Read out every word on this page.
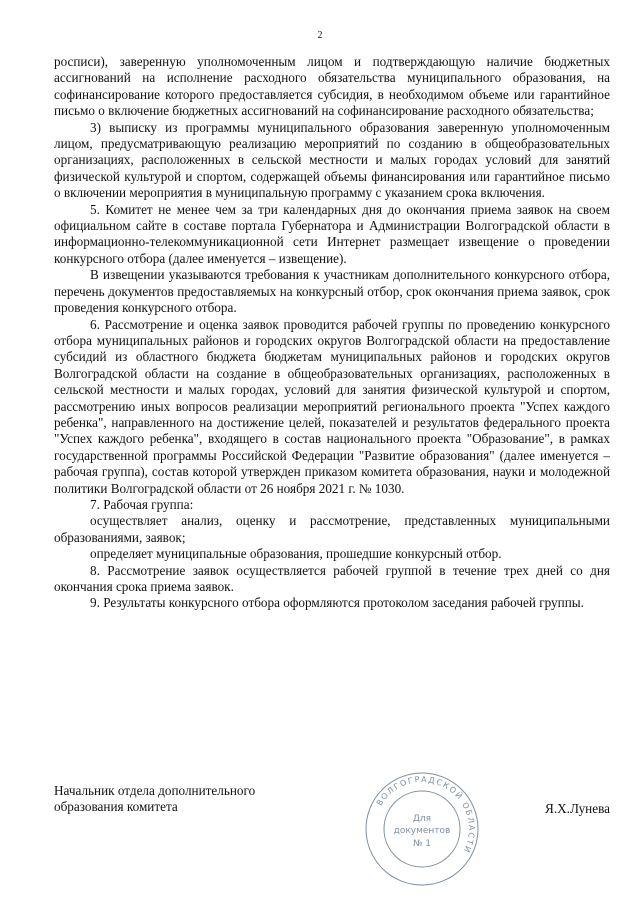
2

росписи), заверенную уполномоченным лицом и подтверждающую наличие бюджетных ассигнований на исполнение расходного обязательства муниципального образования, на софинансирование которого предоставляется субсидия, в необходимом объеме или гарантийное письмо о включение бюджетных ассигнований на софинансирование расходного обязательства;

3) выписку из программы муниципального образования заверенную уполномоченным лицом, предусматривающую реализацию мероприятий по созданию в общеобразовательных организациях, расположенных в сельской местности и малых городах условий для занятий физической культурой и спортом, содержащей объемы финансирования или гарантийное письмо о включении мероприятия в муниципальную программу с указанием срока включения.

5. Комитет не менее чем за три календарных дня до окончания приема заявок на своем официальном сайте в составе портала Губернатора и Администрации Волгоградской области в информационно-телекоммуникационной сети Интернет размещает извещение о проведении конкурсного отбора (далее именуется – извещение).

В извещении указываются требования к участникам дополнительного конкурсного отбора, перечень документов предоставляемых на конкурсный отбор, срок окончания приема заявок, срок проведения конкурсного отбора.

6. Рассмотрение и оценка заявок проводится рабочей группы по проведению конкурсного отбора муниципальных районов и городских округов Волгоградской области на предоставление субсидий из областного бюджета бюджетам муниципальных районов и городских округов Волгоградской области на создание в общеобразовательных организациях, расположенных в сельской местности и малых городах, условий для занятия физической культурой и спортом, рассмотрению иных вопросов реализации мероприятий регионального проекта "Успех каждого ребенка", направленного на достижение целей, показателей и результатов федерального проекта "Успех каждого ребенка", входящего в состав национального проекта "Образование", в рамках государственной программы Российской Федерации "Развитие образования" (далее именуется – рабочая группа), состав которой утвержден приказом комитета образования, науки и молодежной политики Волгоградской области от 26 ноября 2021 г. № 1030.

7. Рабочая группа:

осуществляет анализ, оценку и рассмотрение, представленных муниципальными образованиями, заявок;

определяет муниципальные образования, прошедшие конкурсный отбор.

8. Рассмотрение заявок осуществляется рабочей группой в течение трех дней со дня окончания срока приема заявок.

9. Результаты конкурсного отбора оформляются протоколом заседания рабочей группы.

Начальник отдела дополнительного
образования комитета	ВОЛГОГРАДСКОЙ ОБЛАСТИ
Для
документов
№ 1
Я.Х.Лунева
